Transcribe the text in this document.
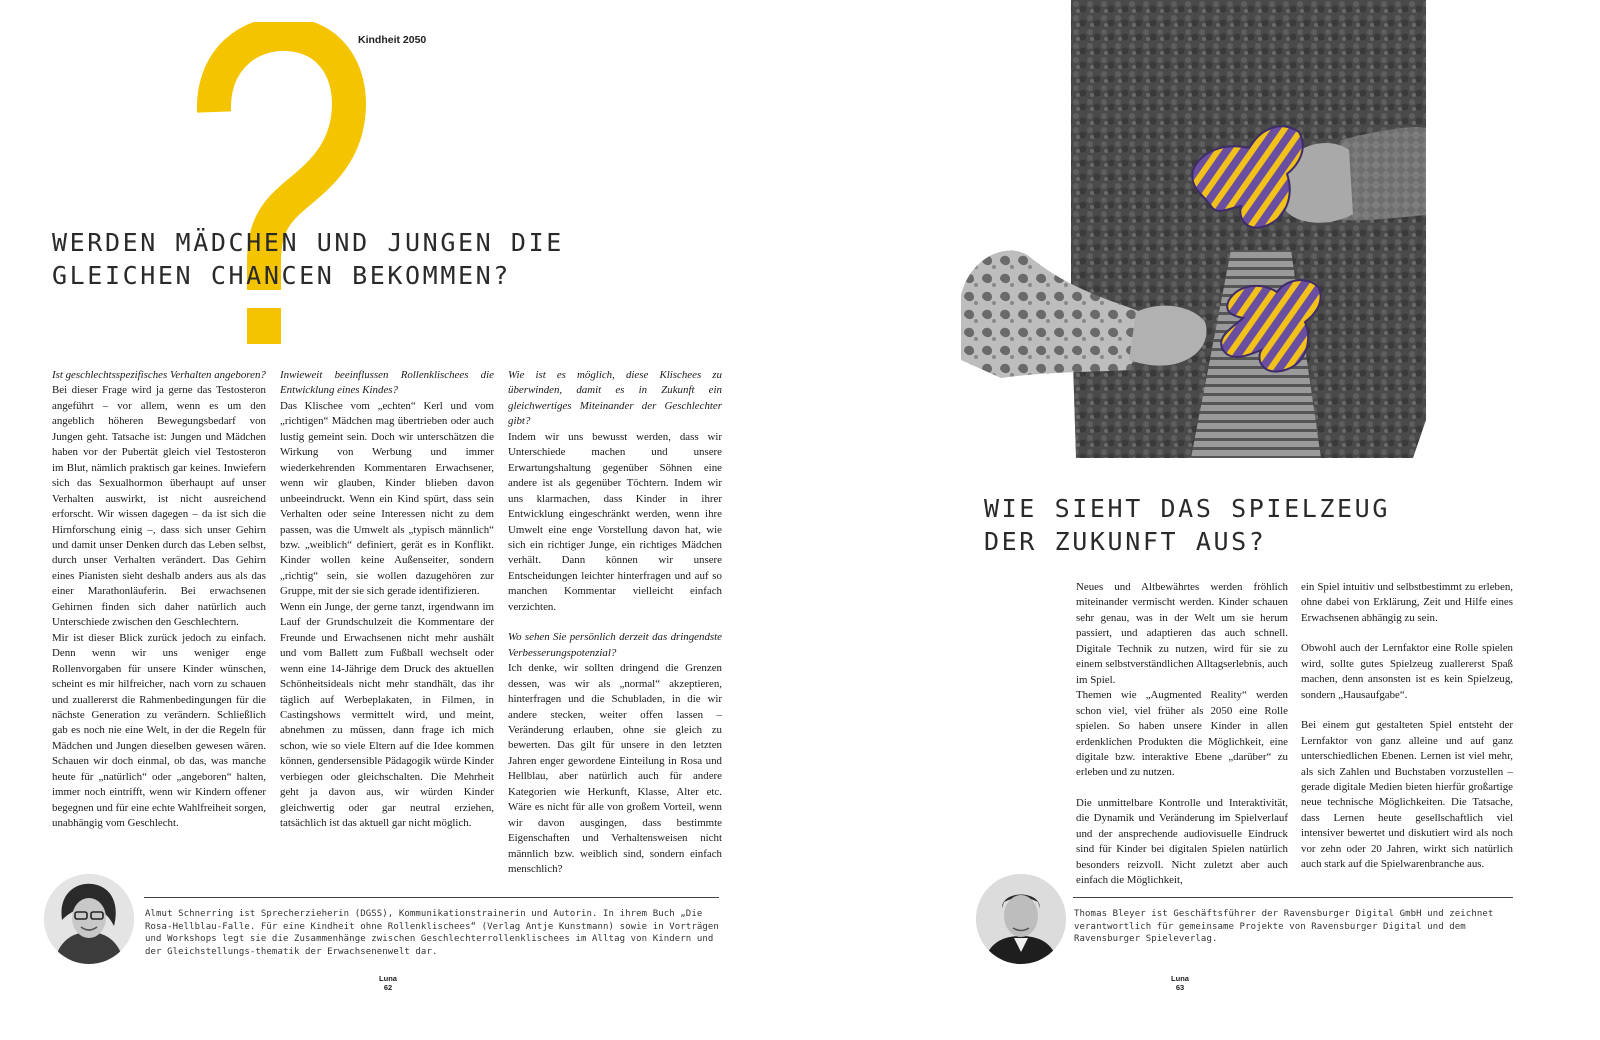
Kindheit 2050
WERDEN MÄDCHEN UND JUNGEN DIE
GLEICHEN CHANCEN BEKOMMEN?

Ist geschlechtsspezifisches Verhalten angeboren?

Bei dieser Frage wird ja gerne das Testosteron angeführt – vor allem, wenn es um den angeblich höheren Bewegungsbedarf von Jungen geht. Tatsache ist: Jungen und Mädchen haben vor der Pubertät gleich viel Testosteron im Blut, nämlich praktisch gar keines. Inwiefern sich das Sexualhormon überhaupt auf unser Verhalten auswirkt, ist nicht ausreichend erforscht. Wir wissen dagegen – da ist sich die Hirnforschung einig –, dass sich unser Gehirn und damit unser Denken durch das Leben selbst, durch unser Verhalten verändert. Das Gehirn eines Pianisten sieht deshalb anders aus als das einer Marathonläuferin. Bei erwachsenen Gehirnen finden sich daher natürlich auch Unterschiede zwischen den Geschlechtern.

Mir ist dieser Blick zurück jedoch zu einfach. Denn wenn wir uns weniger enge Rollenvorgaben für unsere Kinder wünschen, scheint es mir hilfreicher, nach vorn zu schauen und zuallererst die Rahmenbedingungen für die nächste Generation zu verändern. Schließlich gab es noch nie eine Welt, in der die Regeln für Mädchen und Jungen dieselben gewesen wären. Schauen wir doch einmal, ob das, was manche heute für „natürlich“ oder „angeboren“ halten, immer noch eintrifft, wenn wir Kindern offener begegnen und für eine echte Wahlfreiheit sorgen, unabhängig vom Geschlecht.

Inwieweit beeinflussen Rollenklischees die Entwicklung eines Kindes?

Das Klischee vom „echten“ Kerl und vom „richtigen“ Mädchen mag übertrieben oder auch lustig gemeint sein. Doch wir unterschätzen die Wirkung von Werbung und immer wiederkehrenden Kommentaren Erwachsener, wenn wir glauben, Kinder blieben davon unbeeindruckt. Wenn ein Kind spürt, dass sein Verhalten oder seine Interessen nicht zu dem passen, was die Umwelt als „typisch männlich“ bzw. „weiblich“ definiert, gerät es in Konflikt. Kinder wollen keine Außenseiter, sondern „richtig“ sein, sie wollen dazugehören zur Gruppe, mit der sie sich gerade identifizieren.

Wenn ein Junge, der gerne tanzt, irgendwann im Lauf der Grundschulzeit die Kommentare der Freunde und Erwachsenen nicht mehr aushält und vom Ballett zum Fußball wechselt oder wenn eine 14-Jährige dem Druck des aktuellen Schönheitsideals nicht mehr standhält, das ihr täglich auf Werbeplakaten, in Filmen, in Castingshows vermittelt wird, und meint, abnehmen zu müssen, dann frage ich mich schon, wie so viele Eltern auf die Idee kommen können, gendersensible Pädagogik würde Kinder verbiegen oder gleichschalten. Die Mehrheit geht ja davon aus, wir würden Kinder gleichwertig oder gar neutral erziehen, tatsächlich ist das aktuell gar nicht möglich.

Wie ist es möglich, diese Klischees zu überwinden, damit es in Zukunft ein gleichwertiges Miteinander der Geschlechter gibt?

Indem wir uns bewusst werden, dass wir Unterschiede machen und unsere Erwartungshaltung gegenüber Söhnen eine andere ist als gegenüber Töchtern. Indem wir uns klarmachen, dass Kinder in ihrer Entwicklung eingeschränkt werden, wenn ihre Umwelt eine enge Vorstellung davon hat, wie sich ein richtiger Junge, ein richtiges Mädchen verhält. Dann können wir unsere Entscheidungen leichter hinterfragen und auf so manchen Kommentar vielleicht einfach verzichten.

Wo sehen Sie persönlich derzeit das dringendste Verbesserungspotenzial?

Ich denke, wir sollten dringend die Grenzen dessen, was wir als „normal“ akzeptieren, hinterfragen und die Schubladen, in die wir andere stecken, weiter offen lassen – Veränderung erlauben, ohne sie gleich zu bewerten. Das gilt für unsere in den letzten Jahren enger gewordene Einteilung in Rosa und Hellblau, aber natürlich auch für andere Kategorien wie Herkunft, Klasse, Alter etc. Wäre es nicht für alle von großem Vorteil, wenn wir davon ausgingen, dass bestimmte Eigenschaften und Verhaltensweisen nicht männlich bzw. weiblich sind, sondern einfach menschlich?

Almut Schnerring ist Sprecherzieherin (DGSS), Kommunikationstrainerin und Autorin. In ihrem Buch „Die Rosa-Hellblau-Falle. Für eine Kindheit ohne Rollenklischees“ (Verlag Antje Kunstmann) sowie in Vorträgen und Workshops legt sie die Zusammenhänge zwischen Geschlechterrollenklischees im Alltag von Kindern und der Gleichstellungs-thematik der Erwachsenenwelt dar.
Luna
62
WIE SIEHT DAS SPIELZEUG
DER ZUKUNFT AUS?

Neues und Altbewährtes werden fröhlich miteinander vermischt werden. Kinder schauen sehr genau, was in der Welt um sie herum passiert, und adaptieren das auch schnell. Digitale Technik zu nutzen, wird für sie zu einem selbstverständlichen Alltagserlebnis, auch im Spiel.

Themen wie „Augmented Reality“ werden schon viel, viel früher als 2050 eine Rolle spielen. So haben unsere Kinder in allen erdenklichen Produkten die Möglichkeit, eine digitale bzw. interaktive Ebene „darüber“ zu erleben und zu nutzen.

Die unmittelbare Kontrolle und Interaktivität, die Dynamik und Veränderung im Spielverlauf und der ansprechende audiovisuelle Eindruck sind für Kinder bei digitalen Spielen natürlich besonders reizvoll. Nicht zuletzt aber auch einfach die Möglichkeit,

ein Spiel intuitiv und selbstbestimmt zu erleben, ohne dabei von Erklärung, Zeit und Hilfe eines Erwachsenen abhängig zu sein.

Obwohl auch der Lernfaktor eine Rolle spielen wird, sollte gutes Spielzeug zuallererst Spaß machen, denn ansonsten ist es kein Spielzeug, sondern „Hausaufgabe“.

Bei einem gut gestalteten Spiel entsteht der Lernfaktor von ganz alleine und auf ganz unterschiedlichen Ebenen. Lernen ist viel mehr, als sich Zahlen und Buchstaben vorzustellen – gerade digitale Medien bieten hierfür großartige neue technische Möglichkeiten. Die Tatsache, dass Lernen heute gesellschaftlich viel intensiver bewertet und diskutiert wird als noch vor zehn oder 20 Jahren, wirkt sich natürlich auch stark auf die Spielwarenbranche aus.

Thomas Bleyer ist Geschäftsführer der Ravensburger Digital GmbH und zeichnet verantwortlich für gemeinsame Projekte von Ravensburger Digital und dem Ravensburger Spieleverlag.
Luna
63
